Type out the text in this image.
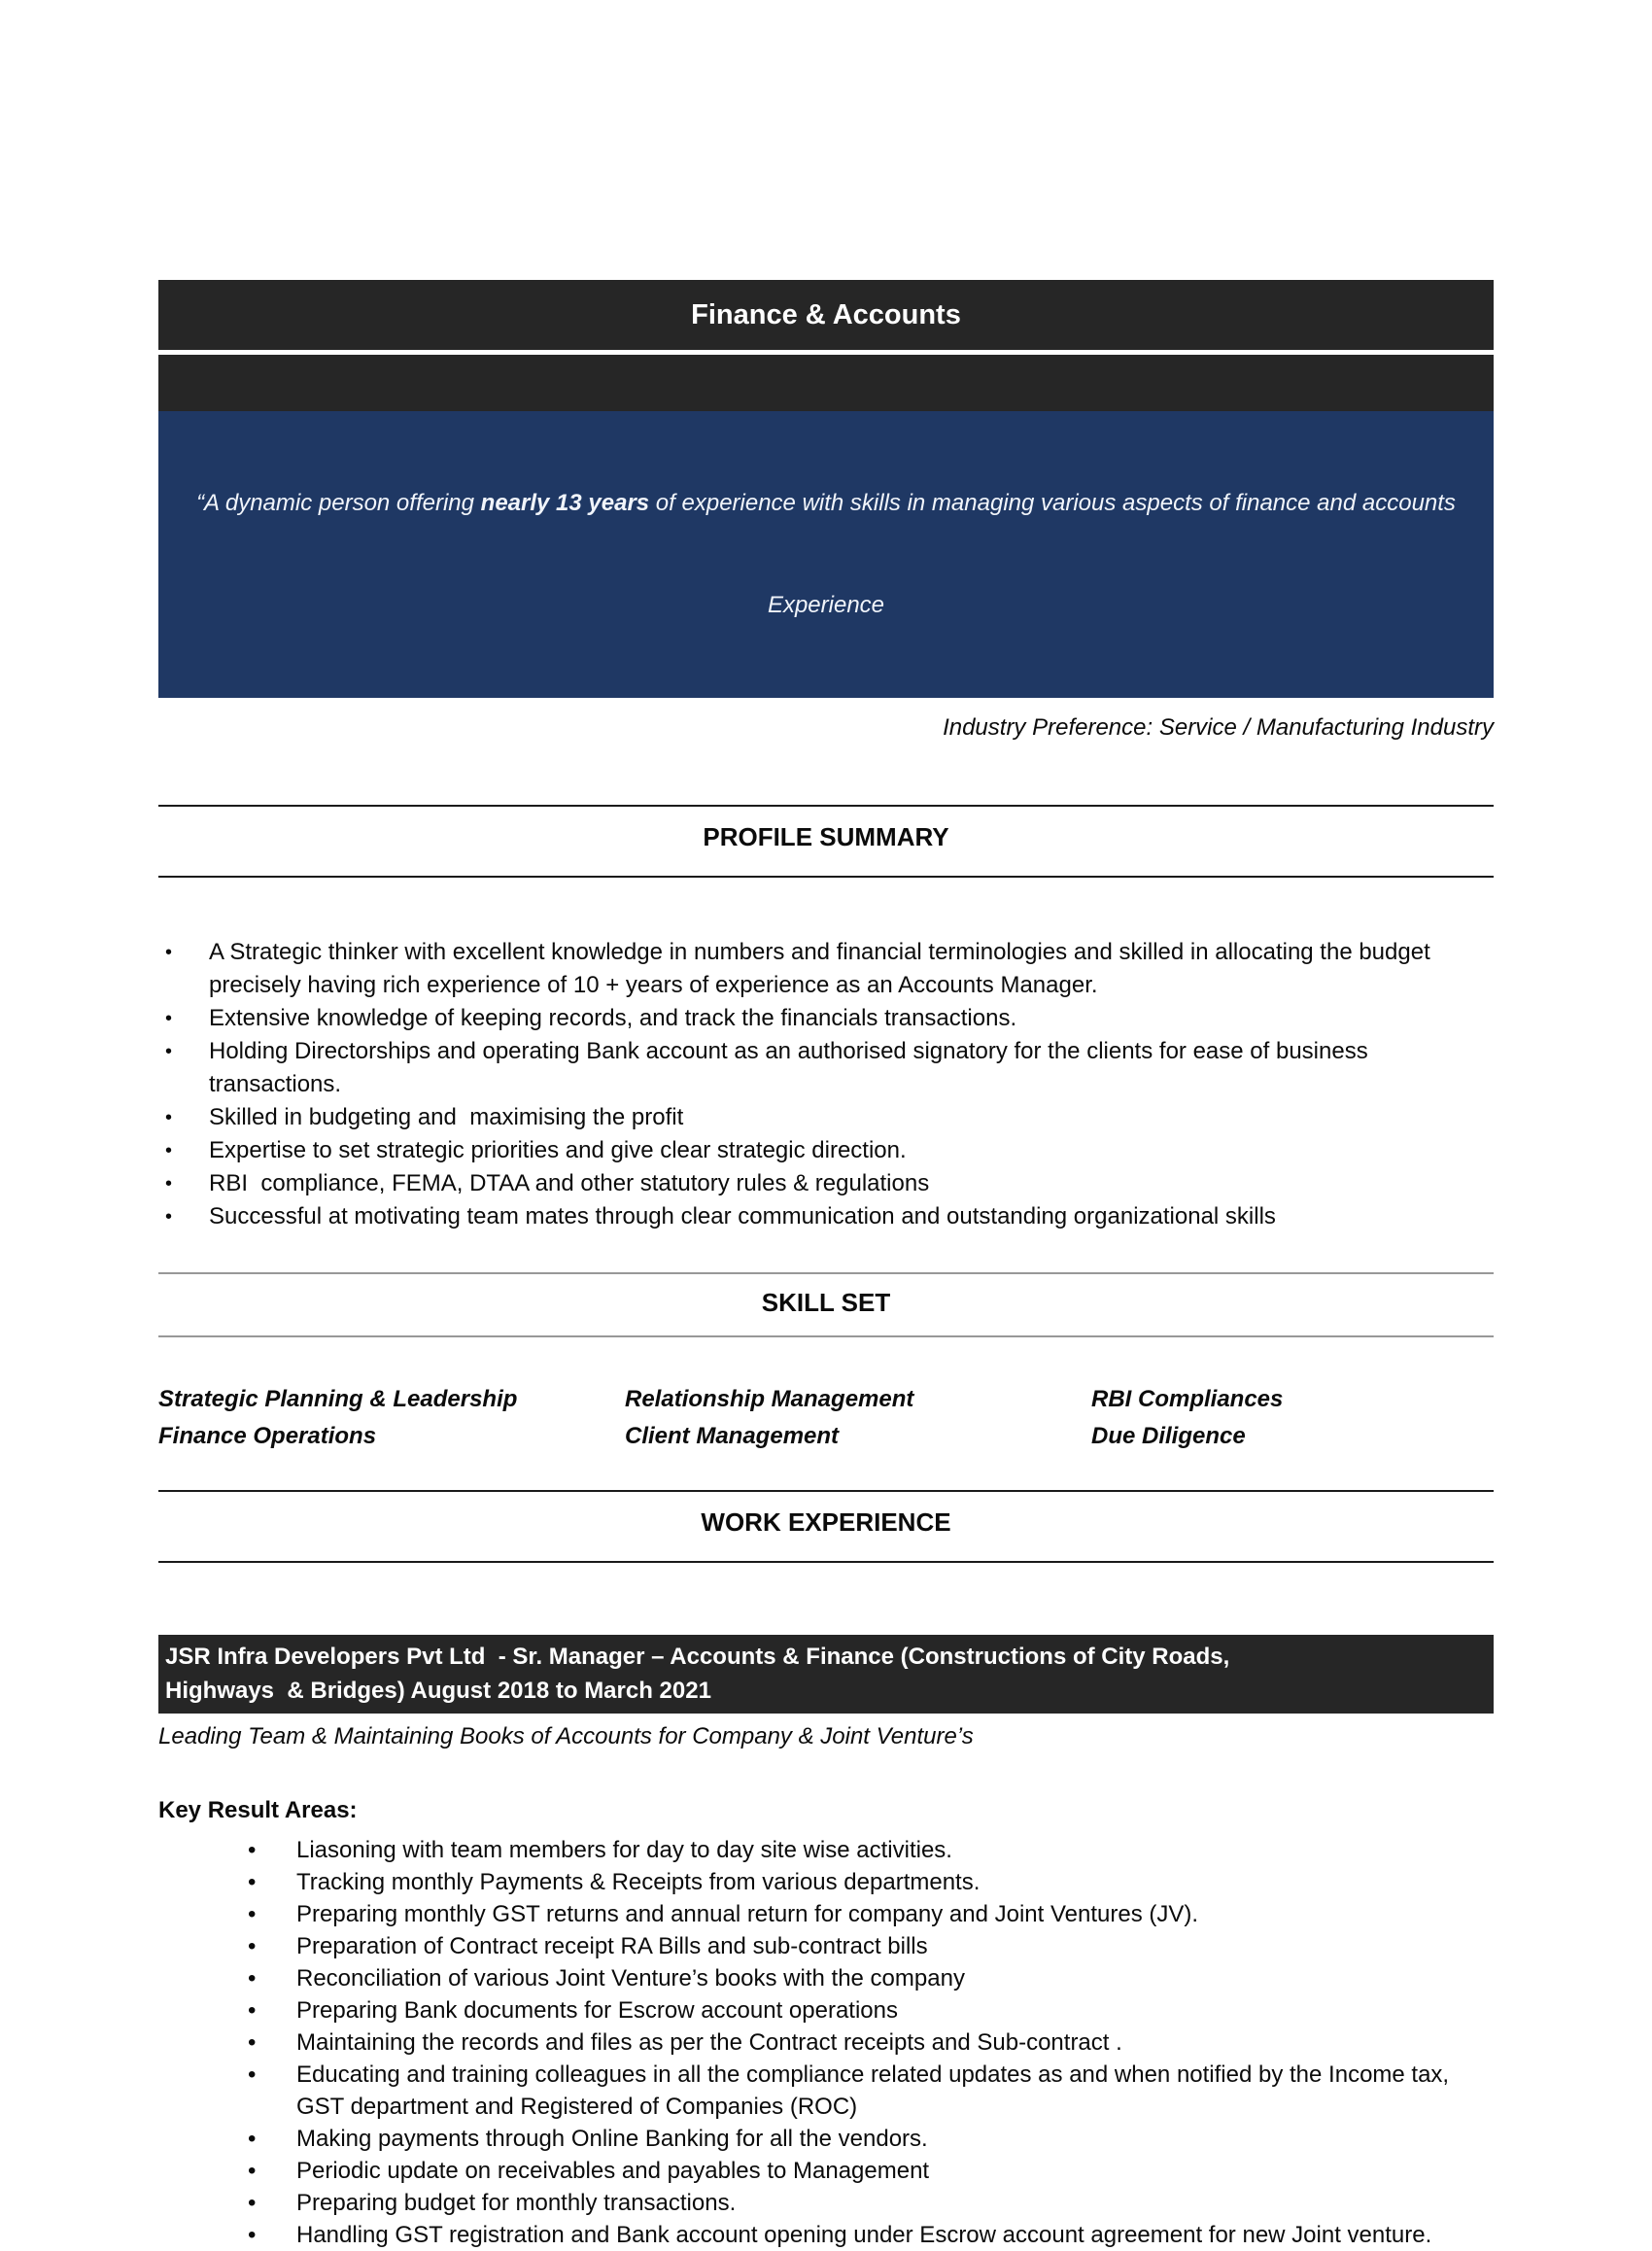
Finance & Accounts

“A dynamic person offering nearly 13 years of experience with skills in managing various aspects of finance and accounts

Experience

Industry Preference: Service / Manufacturing Industry
PROFILE SUMMARY
•	A Strategic thinker with excellent knowledge in numbers and financial terminologies and skilled in allocating the budget precisely having rich experience of 10 + years of experience as an Accounts Manager.
•	Extensive knowledge of keeping records, and track the financials transactions.
•	Holding Directorships and operating Bank account as an authorised signatory for the clients for ease of business transactions.
•	Skilled in budgeting and  maximising the profit
•	Expertise to set strategic priorities and give clear strategic direction.
•	RBI  compliance, FEMA, DTAA and other statutory rules & regulations
•	Successful at motivating team mates through clear communication and outstanding organizational skills
SKILL SET
Strategic Planning & Leadership	Relationship Management	RBI Compliances
Finance Operations	Client Management	Due Diligence
WORK EXPERIENCE
JSR Infra Developers Pvt Ltd  - Sr. Manager – Accounts & Finance (Constructions of City Roads, Highways  & Bridges) August 2018 to March 2021
Leading Team & Maintaining Books of Accounts for Company & Joint Venture’s
Key Result Areas:
•	Liasoning with team members for day to day site wise activities.
•	Tracking monthly Payments & Receipts from various departments.
•	Preparing monthly GST returns and annual return for company and Joint Ventures (JV).
•	Preparation of Contract receipt RA Bills and sub-contract bills
•	Reconciliation of various Joint Venture’s books with the company
•	Preparing Bank documents for Escrow account operations
•	Maintaining the records and files as per the Contract receipts and Sub-contract .
•	Educating and training colleagues in all the compliance related updates as and when notified by the Income tax,  GST department and Registered of Companies (ROC)
•	Making payments through Online Banking for all the vendors.
•	Periodic update on receivables and payables to Management
•	Preparing budget for monthly transactions.
•	Handling GST registration and Bank account opening under Escrow account agreement for new Joint venture.
